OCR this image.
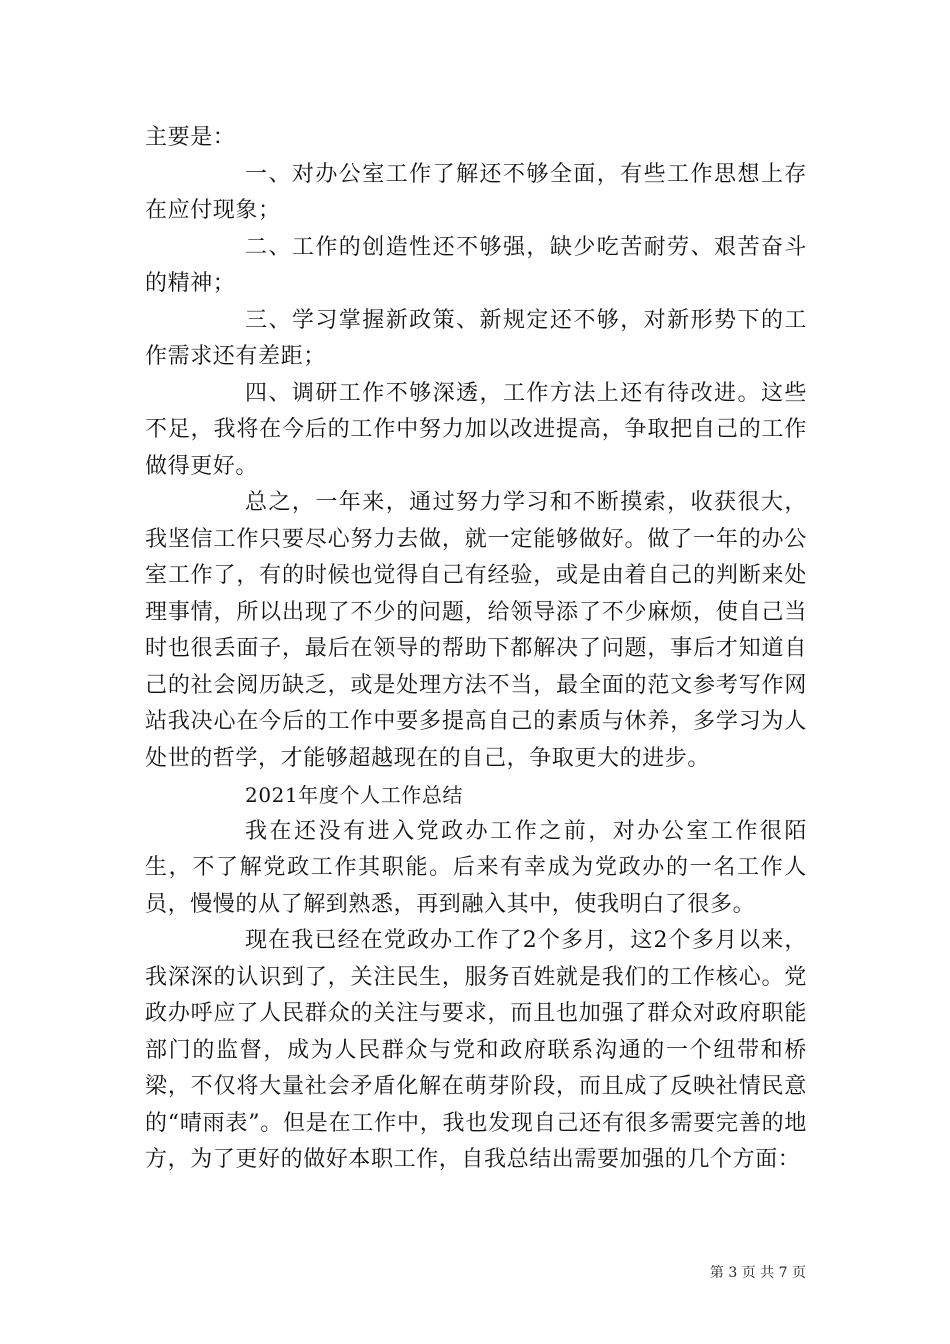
主要是：

一、对办公室工作了解还不够全面，有些工作思想上存在应付现象；

二、工作的创造性还不够强，缺少吃苦耐劳、艰苦奋斗的精神；

三、学习掌握新政策、新规定还不够，对新形势下的工作需求还有差距；

四、调研工作不够深透，工作方法上还有待改进。这些不足，我将在今后的工作中努力加以改进提高，争取把自己的工作做得更好。

总之，一年来，通过努力学习和不断摸索，收获很大，我坚信工作只要尽心努力去做，就一定能够做好。做了一年的办公室工作了，有的时候也觉得自己有经验，或是由着自己的判断来处理事情，所以出现了不少的问题，给领导添了不少麻烦，使自己当时也很丢面子，最后在领导的帮助下都解决了问题，事后才知道自己的社会阅历缺乏，或是处理方法不当，最全面的范文参考写作网站我决心在今后的工作中要多提高自己的素质与休养，多学习为人处世的哲学，才能够超越现在的自己，争取更大的进步。

2021年度个人工作总结

我在还没有进入党政办工作之前，对办公室工作很陌生，不了解党政工作其职能。后来有幸成为党政办的一名工作人员，慢慢的从了解到熟悉，再到融入其中，使我明白了很多。

现在我已经在党政办工作了2个多月，这2个多月以来，我深深的认识到了，关注民生，服务百姓就是我们的工作核心。党政办呼应了人民群众的关注与要求，而且也加强了群众对政府职能部门的监督，成为人民群众与党和政府联系沟通的一个纽带和桥梁，不仅将大量社会矛盾化解在萌芽阶段，而且成了反映社情民意的“晴雨表”。但是在工作中，我也发现自己还有很多需要完善的地方，为了更好的做好本职工作，自我总结出需要加强的几个方面：

第 3 页 共 7 页
